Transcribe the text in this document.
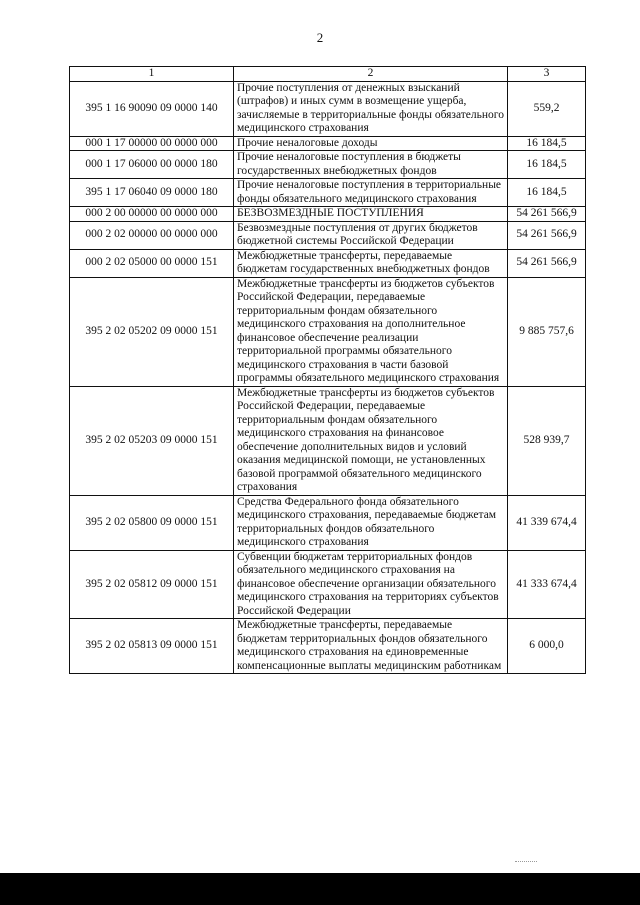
2
1	2	3
395 1 16 90090 09 0000 140	Прочие поступления от денежных взысканий (штрафов) и иных сумм в возмещение ущерба, зачисляемые в территориальные фонды обязательного медицинского страхования	559,2
000 1 17 00000 00 0000 000	Прочие неналоговые доходы	16 184,5
000 1 17 06000 00 0000 180	Прочие неналоговые поступления в бюджеты государственных внебюджетных фондов	16 184,5
395 1 17 06040 09 0000 180	Прочие неналоговые поступления в территориальные фонды обязательного медицинского страхования	16 184,5
000 2 00 00000 00 0000 000	БЕЗВОЗМЕЗДНЫЕ ПОСТУПЛЕНИЯ	54 261 566,9
000 2 02 00000 00 0000 000	Безвозмездные поступления от других бюджетов бюджетной системы Российской Федерации	54 261 566,9
000 2 02 05000 00 0000 151	Межбюджетные трансферты, передаваемые бюджетам государственных внебюджетных фондов	54 261 566,9
395 2 02 05202 09 0000 151	Межбюджетные трансферты из бюджетов субъектов Российской Федерации, передаваемые территориальным фондам обязательного медицинского страхования на дополнительное финансовое обеспечение реализации территориальной программы обязательного медицинского страхования в части базовой программы обязательного медицинского страхования	9 885 757,6
395 2 02 05203 09 0000 151	Межбюджетные трансферты из бюджетов субъектов Российской Федерации, передаваемые территориальным фондам обязательного медицинского страхования на финансовое обеспечение дополнительных видов и условий оказания медицинской помощи, не установленных базовой программой обязательного медицинского страхования	528 939,7
395 2 02 05800 09 0000 151	Средства Федерального фонда обязательного медицинского страхования, передаваемые бюджетам территориальных фондов обязательного медицинского страхования	41 339 674,4
395 2 02 05812 09 0000 151	Субвенции бюджетам территориальных фондов обязательного медицинского страхования на финансовое обеспечение организации обязательного медицинского страхования на территориях субъектов Российской Федерации	41 333 674,4
395 2 02 05813 09 0000 151	Межбюджетные трансферты, передаваемые бюджетам территориальных фондов обязательного медицинского страхования на единовременные компенсационные выплаты медицинским работникам	6 000,0
